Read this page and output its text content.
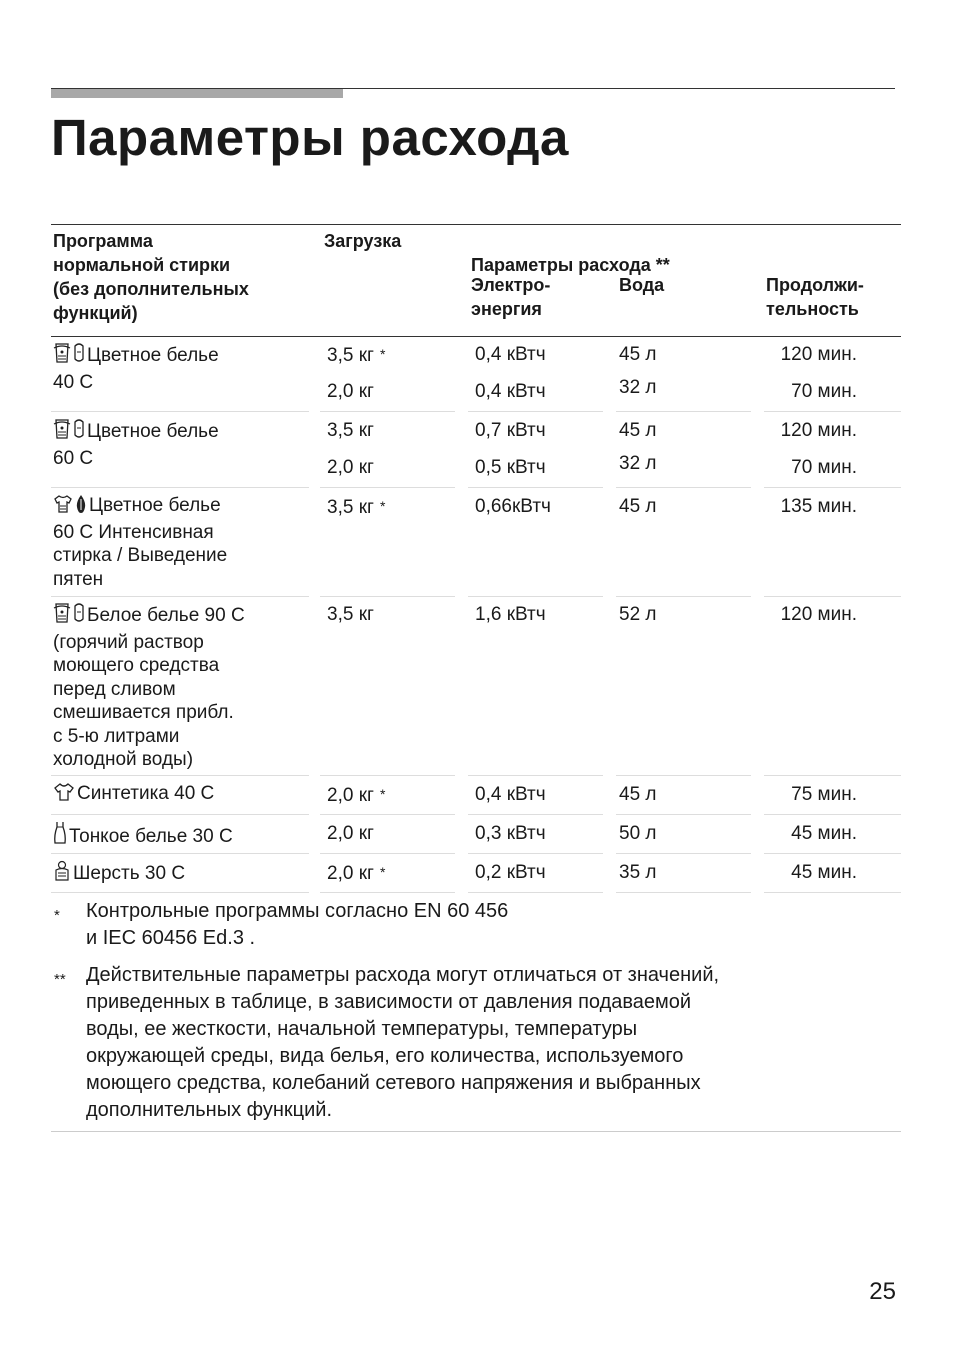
Параметры расхода
Программа
нормальной стирки
(без дополнительных
функций)
Загрузка

Параметры расхода **

Электро-
энергия
Вода	Продолжи-
тельность
Цветное белье
40 C
3,5 кг *	0,4 кВтч	45 л	120 мин.
2,0 кг	0,4 кВтч	32 л	70 мин.
Цветное белье
60 C
3,5 кг	0,7 кВтч	45 л	120 мин.
2,0 кг	0,5 кВтч	32 л	70 мин.
Цветное белье
60 C Интенсивная
стирка / Выведение
пятен
3,5 кг *	0,66кВтч	45 л	135 мин.
Белое белье 90 C
(горячий раствор
моющего средства
перед сливом
смешивается прибл.
с 5-ю литрами
холодной воды)
3,5 кг	1,6 кВтч	52 л	120 мин.
Синтетика 40 C	2,0 кг *	0,4 кВтч	45 л	75 мин.
Тонкое белье 30 C	2,0 кг	0,3 кВтч	50 л	45 мин.
Шерсть 30 C	2,0 кг *	0,2 кВтч	35 л	45 мин.
* Контрольные программы согласно EN 60 456
и IEC 60456 Ed.3 .
** Действительные параметры расхода могут отличаться от значений,
приведенных в таблице, в зависимости от давления подаваемой
воды, ее жесткости, начальной температуры, температуры
окружающей среды, вида белья, его количества, используемого
моющего средства, колебаний сетевого напряжения и выбранных
дополнительных функций.
25
